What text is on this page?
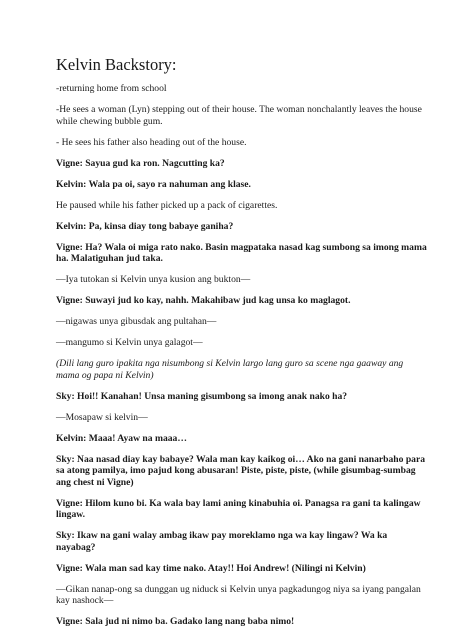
Kelvin Backstory:

-returning home from school

-He sees a woman (Lyn) stepping out of their house. The woman nonchalantly leaves the house while chewing bubble gum.

- He sees his father also heading out of the house.

Vigne: Sayua gud ka ron. Nagcutting ka?

Kelvin: Wala pa oi, sayo ra nahuman ang klase.

He paused while his father picked up a pack of cigarettes.

Kelvin: Pa, kinsa diay tong babaye ganiha?

Vigne: Ha? Wala oi miga rato nako. Basin magpataka nasad kag sumbong sa imong mama ha. Malatiguhan jud taka.

—Iya tutokan si Kelvin unya kusion ang bukton—

Vigne: Suwayi jud ko kay, nahh. Makahibaw jud kag unsa ko maglagot.

—nigawas unya gibusdak ang pultahan—

—mangumo si Kelvin unya galagot—

(Dili lang guro ipakita nga nisumbong si Kelvin largo lang guro sa scene nga gaaway ang mama og papa ni Kelvin)

Sky: Hoi!! Kanahan! Unsa maning gisumbong sa imong anak nako ha?

—Mosapaw si kelvin—

Kelvin: Maaa! Ayaw na maaa…

Sky: Naa nasad diay kay babaye? Wala man kay kaikog oi… Ako na gani nanarbaho para sa atong pamilya, imo pajud kong abusaran! Piste, piste, piste, (while gisumbag-sumbag ang chest ni Vigne)

Vigne: Hilom kuno bi. Ka wala bay lami aning kinabuhia oi. Panagsa ra gani ta kalingaw lingaw.

Sky: Ikaw na gani walay ambag ikaw pay moreklamo nga wa kay lingaw? Wa ka nayabag?

Vigne: Wala man sad kay time nako. Atay!! Hoi Andrew! (Nilingi ni Kelvin)

—Gikan nanap-ong sa dunggan ug niduck si Kelvin unya pagkadungog niya sa iyang pangalan kay nashock—

Vigne: Sala jud ni nimo ba. Gadako lang nang baba nimo!
